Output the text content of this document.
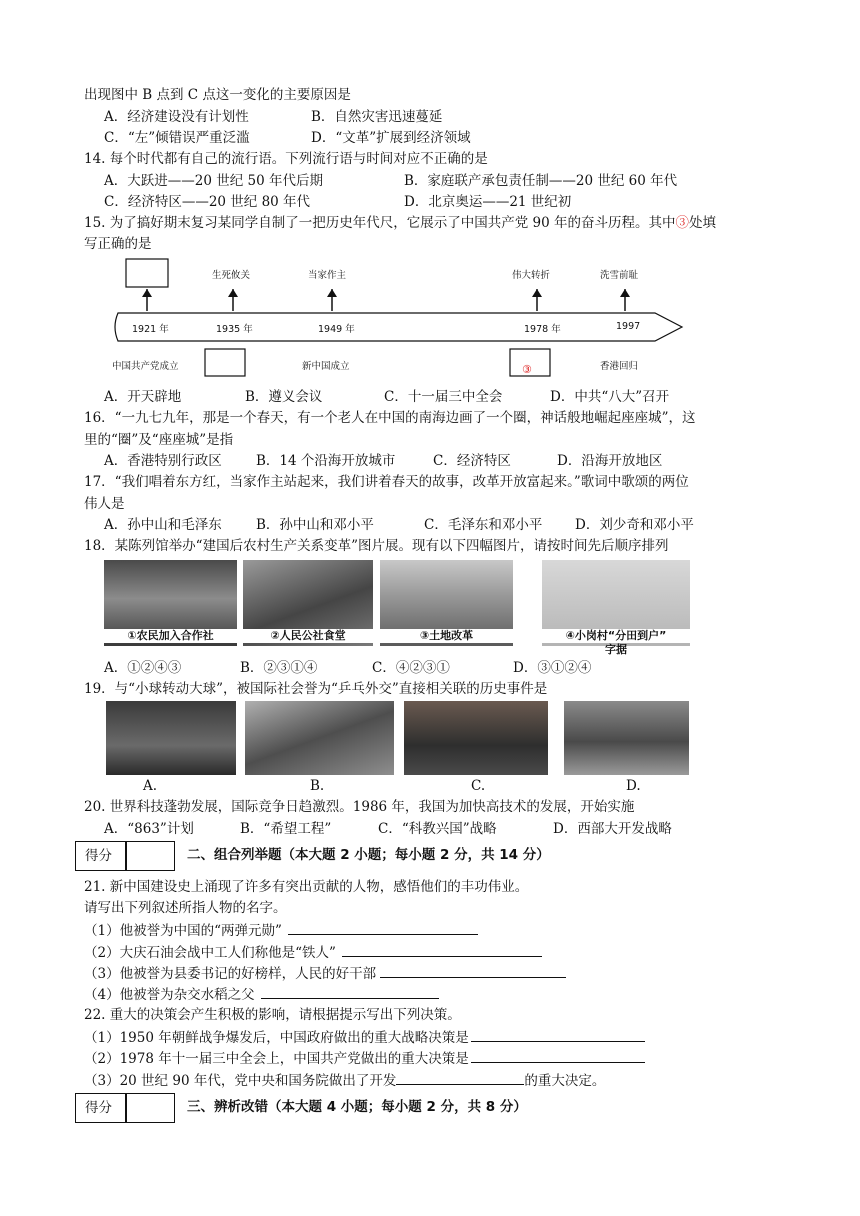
出现图中 B 点到 C 点这一变化的主要原因是
A．经济建设没有计划性	B．自然灾害迅速蔓延
C．“左”倾错误严重泛滥	D．“文革”扩展到经济领域
14. 每个时代都有自己的流行语。下列流行语与时间对应不正确的是
A．大跃进——20 世纪 50 年代后期	B．家庭联产承包责任制——20 世纪 60 年代
C．经济特区——20 世纪 80 年代	D．北京奥运——21 世纪初
15. 为了搞好期末复习某同学自制了一把历史年代尺，它展示了中国共产党 90 年的奋斗历程。其中③处填
写正确的是
生死攸关	当家作主	伟大转折	洗雪前耻
1921 年	1935 年	1949 年	1978 年	1997
中国共产党成立	新中国成立	香港回归
③
A．开天辟地	B．遵义会议	C．十一届三中全会	D．中共“八大”召开
16．“一九七九年，那是一个春天，有一个老人在中国的南海边画了一个圈，神话般地崛起座座城”，这
里的“圈”及“座座城”是指
A．香港特别行政区	B．14 个沿海开放城市	C．经济特区	D．沿海开放地区
17．“我们唱着东方红，当家作主站起来，我们讲着春天的故事，改革开放富起来。”歌词中歌颂的两位
伟人是
A．孙中山和毛泽东	B．孙中山和邓小平	C．毛泽东和邓小平 D．刘少奇和邓小平
18．某陈列馆举办“建国后农村生产关系变革”图片展。现有以下四幅图片，请按时间先后顺序排列
①农民加入合作社	②人民公社食堂	③土地改革	④小岗村“分田到户”
字据
A．①②④③	B．②③①④	C．④②③①	D．③①②④
19．与“小球转动大球”，被国际社会誉为“乒乓外交”直接相关联的历史事件是
A.	B.	C.	D.
20. 世界科技蓬勃发展，国际竞争日趋激烈。1986 年，我国为加快高技术的发展，开始实施
A．“863”计划	B．“希望工程”	C．“科教兴国”战略	D．西部大开发战略
得分	二、组合列举题（本大题 2 小题；每小题 2 分，共 14 分）
21. 新中国建设史上涌现了许多有突出贡献的人物，感悟他们的丰功伟业。
请写出下列叙述所指人物的名字。
（1）他被誉为中国的“两弹元勋”
（2）大庆石油会战中工人们称他是“铁人”
（3）他被誉为县委书记的好榜样，人民的好干部
（4）他被誉为杂交水稻之父
22. 重大的决策会产生积极的影响，请根据提示写出下列决策。
（1）1950 年朝鲜战争爆发后，中国政府做出的重大战略决策是
（2）1978 年十一届三中全会上，中国共产党做出的重大决策是
（3）20 世纪 90 年代，党中央和国务院做出了开发	的重大决定。
得分	三、辨析改错（本大题 4 小题；每小题 2 分，共 8 分）
